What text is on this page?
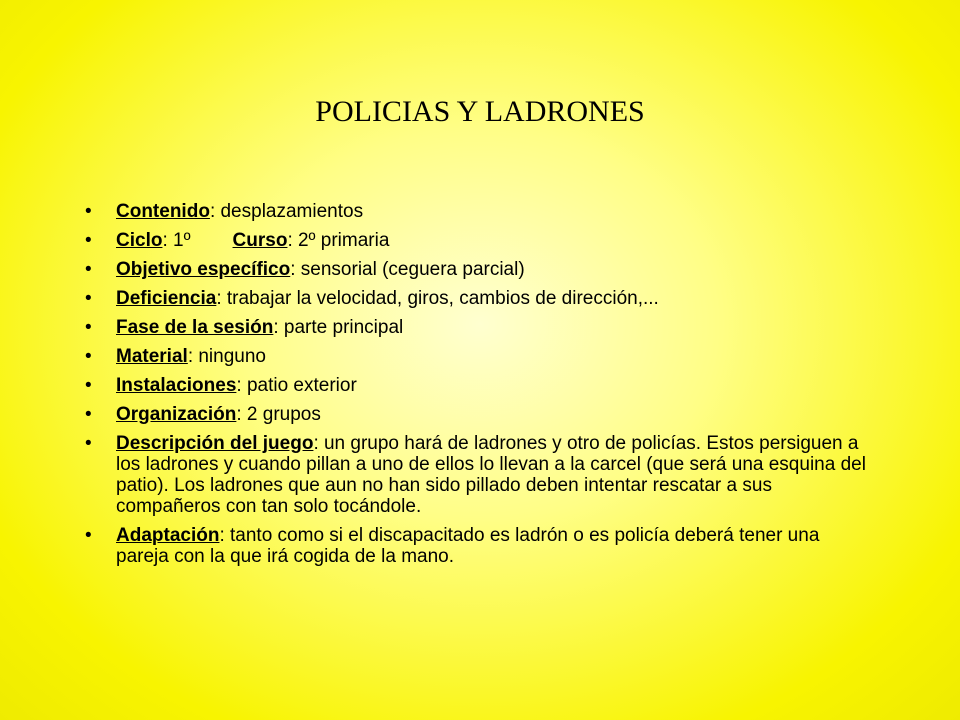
POLICIAS Y LADRONES
• Contenido: desplazamientos
• Ciclo: 1º Curso: 2º primaria
• Objetivo específico: sensorial (ceguera parcial)
• Deficiencia: trabajar la velocidad, giros, cambios de dirección,...
• Fase de la sesión: parte principal
• Material: ninguno
• Instalaciones: patio exterior
• Organización: 2 grupos
• Descripción del juego: un grupo hará de ladrones y otro de policías. Estos persiguen a los ladrones y cuando pillan a uno de ellos lo llevan a la carcel (que será una esquina del patio). Los ladrones que aun no han sido pillado deben intentar rescatar a sus compañeros con tan solo tocándole.
• Adaptación: tanto como si el discapacitado es ladrón o es policía deberá tener una pareja con la que irá cogida de la mano.
